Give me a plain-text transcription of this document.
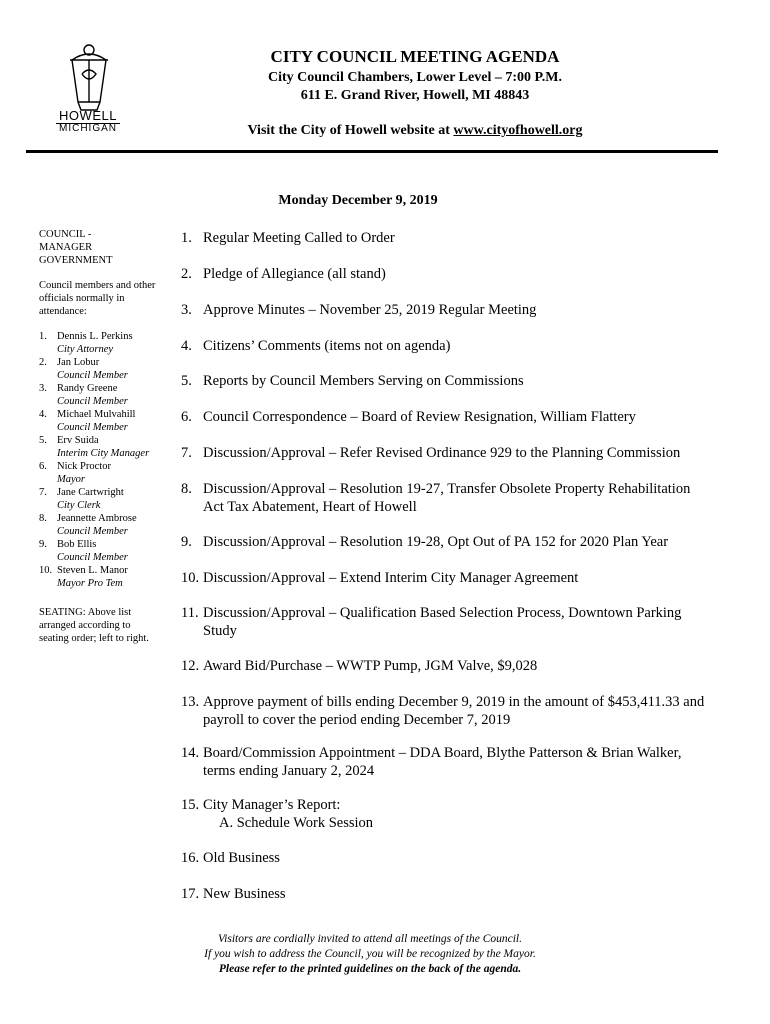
HOWELL
MICHIGAN
CITY COUNCIL MEETING AGENDA
City Council Chambers, Lower Level – 7:00 P.M.
611 E. Grand River, Howell, MI 48843
Visit the City of Howell website at www.cityofhowell.org
Monday December 9, 2019

COUNCIL - MANAGER GOVERNMENT

Council members and other officials normally in attendance:

1. Dennis L. Perkins
City Attorney
2. Jan Lobur
Council Member
3. Randy Greene
Council Member
4. Michael Mulvahill
Council Member
5. Erv Suida
Interim City Manager
6. Nick Proctor
Mayor
7. Jane Cartwright
City Clerk
8. Jeannette Ambrose
Council Member
9. Bob Ellis
Council Member
10. Steven L. Manor
Mayor Pro Tem

SEATING: Above list arranged according to seating order; left to right.

1. Regular Meeting Called to Order
2. Pledge of Allegiance (all stand)
3. Approve Minutes – November 25, 2019 Regular Meeting
4. Citizens’ Comments (items not on agenda)
5. Reports by Council Members Serving on Commissions
6. Council Correspondence – Board of Review Resignation, William Flattery
7. Discussion/Approval – Refer Revised Ordinance 929 to the Planning Commission
8. Discussion/Approval – Resolution 19-27, Transfer Obsolete Property Rehabilitation Act Tax Abatement, Heart of Howell
9. Discussion/Approval – Resolution 19-28, Opt Out of PA 152 for 2020 Plan Year
10. Discussion/Approval – Extend Interim City Manager Agreement
11. Discussion/Approval – Qualification Based Selection Process, Downtown Parking Study
12. Award Bid/Purchase – WWTP Pump, JGM Valve, $9,028
13. Approve payment of bills ending December 9, 2019 in the amount of $453,411.33 and payroll to cover the period ending December 7, 2019
14. Board/Commission Appointment – DDA Board, Blythe Patterson & Brian Walker, terms ending January 2, 2024
15. City Manager’s Report:
A. Schedule Work Session
16. Old Business
17. New Business
Visitors are cordially invited to attend all meetings of the Council.
If you wish to address the Council, you will be recognized by the Mayor.
Please refer to the printed guidelines on the back of the agenda.
